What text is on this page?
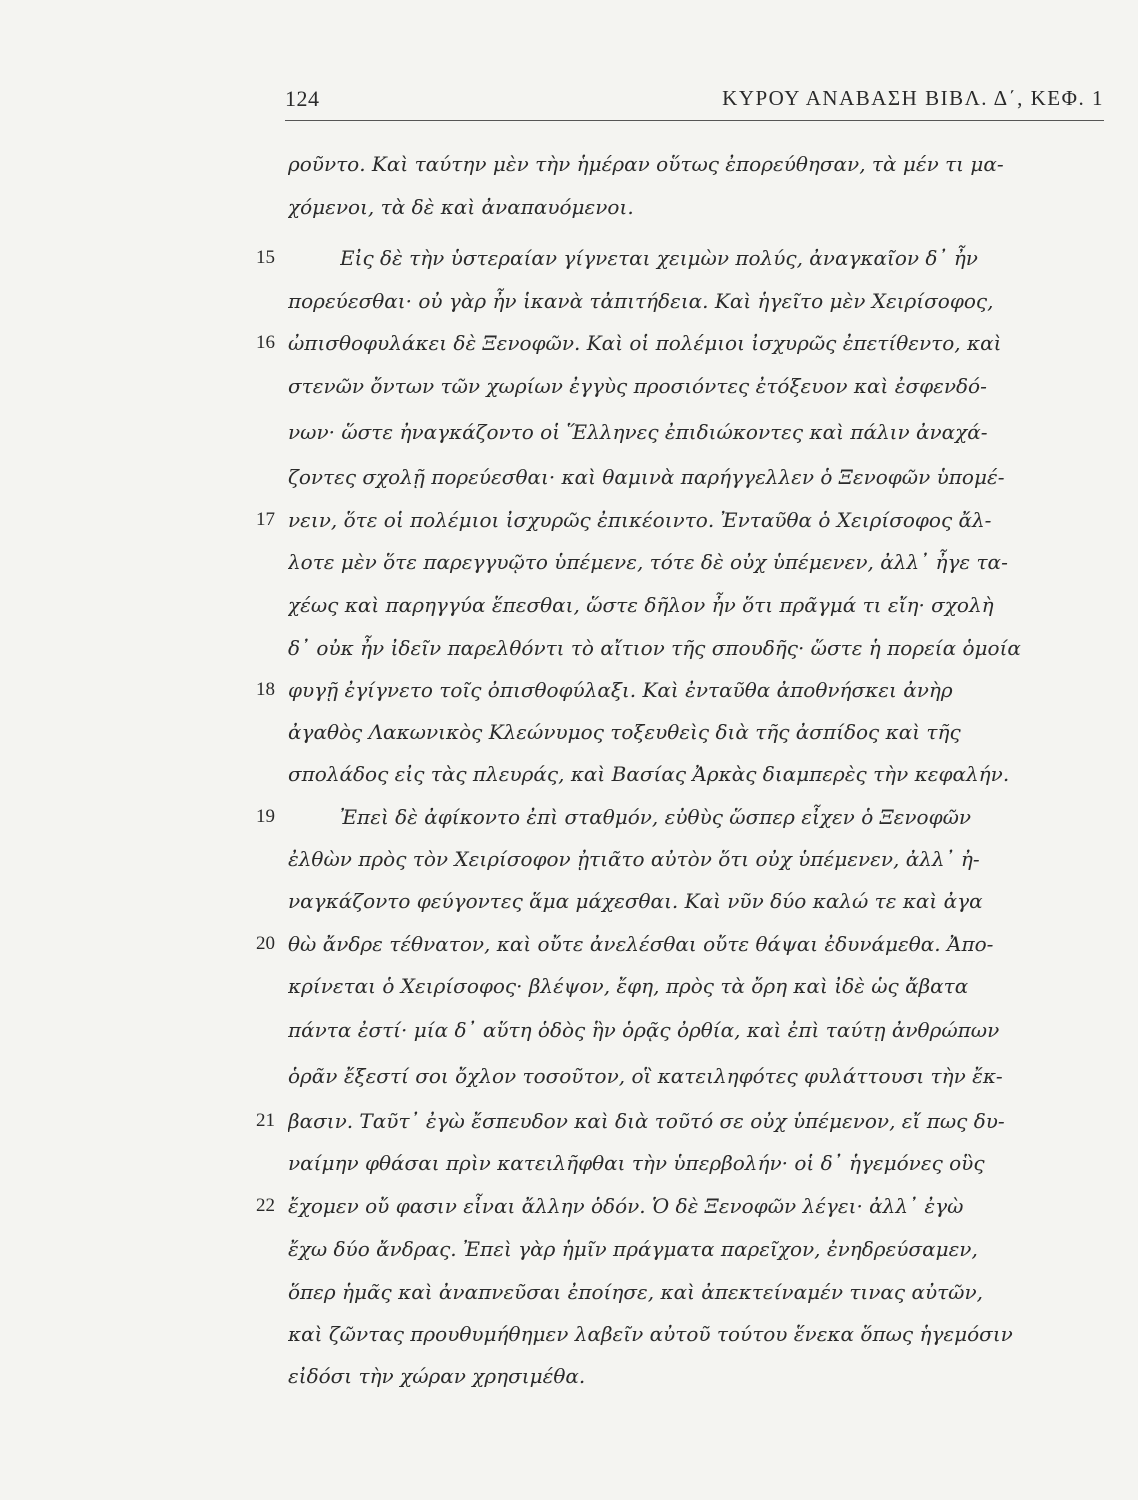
124	ΚΥΡΟΥ ΑΝΑΒΑΣΗ ΒΙΒΛ. Δ΄, ΚΕΦ. 1
15
16
17
18
19
20
21
22
ροῦντο. Καὶ ταύτην μὲν τὴν ἡμέραν οὕτως ἐπορεύθησαν, τὰ μέν τι μα-
χόμενοι, τὰ δὲ καὶ ἀναπαυόμενοι.
Εἰς δὲ τὴν ὑστεραίαν γίγνεται χειμὼν πολύς, ἀναγκαῖον δ᾽ ἦν
πορεύεσθαι· οὐ γὰρ ἦν ἱκανὰ τἀπιτήδεια. Καὶ ἡγεῖτο μὲν Χειρίσοφος,
ὠπισθοφυλάκει δὲ Ξενοφῶν. Καὶ οἱ πολέμιοι ἰσχυρῶς ἐπετίθεντο, καὶ
στενῶν ὄντων τῶν χωρίων ἐγγὺς προσιόντες ἐτόξευον καὶ ἐσφενδό-
νων· ὥστε ἠναγκάζοντο οἱ Ἕλληνες ἐπιδιώκοντες καὶ πάλιν ἀναχά-
ζοντες σχολῇ πορεύεσθαι· καὶ θαμινὰ παρήγγελλεν ὁ Ξενοφῶν ὑπομέ-
νειν, ὅτε οἱ πολέμιοι ἰσχυρῶς ἐπικέοιντο. Ἐνταῦθα ὁ Χειρίσοφος ἄλ-
λοτε μὲν ὅτε παρεγγυῷτο ὑπέμενε, τότε δὲ οὐχ ὑπέμενεν, ἀλλ᾽ ἦγε τα-
χέως καὶ παρηγγύα ἕπεσθαι, ὥστε δῆλον ἦν ὅτι πρᾶγμά τι εἴη· σχολὴ
δ᾽ οὐκ ἦν ἰδεῖν παρελθόντι τὸ αἴτιον τῆς σπουδῆς· ὥστε ἡ πορεία ὁμοία
φυγῇ ἐγίγνετο τοῖς ὀπισθοφύλαξι. Καὶ ἐνταῦθα ἀποθνήσκει ἀνὴρ
ἀγαθὸς Λακωνικὸς Κλεώνυμος τοξευθεὶς διὰ τῆς ἀσπίδος καὶ τῆς
σπολάδος εἰς τὰς πλευράς, καὶ Βασίας Ἀρκὰς διαμπερὲς τὴν κεφαλήν.
Ἐπεὶ δὲ ἀφίκοντο ἐπὶ σταθμόν, εὐθὺς ὥσπερ εἶχεν ὁ Ξενοφῶν
ἐλθὼν πρὸς τὸν Χειρίσοφον ᾐτιᾶτο αὐτὸν ὅτι οὐχ ὑπέμενεν, ἀλλ᾽ ἠ-
ναγκάζοντο φεύγοντες ἅμα μάχεσθαι. Καὶ νῦν δύο καλώ τε καὶ ἀγα
θὼ ἄνδρε τέθνατον, καὶ οὔτε ἀνελέσθαι οὔτε θάψαι ἐδυνάμεθα. Ἀπο-
κρίνεται ὁ Χειρίσοφος· βλέψον, ἔφη, πρὸς τὰ ὄρη καὶ ἰδὲ ὡς ἄβατα
πάντα ἐστί· μία δ᾽ αὕτη ὁδὸς ἣν ὁρᾷς ὀρθία, καὶ ἐπὶ ταύτῃ ἀνθρώπων
ὁρᾶν ἔξεστί σοι ὄχλον τοσοῦτον, οἳ κατειληφότες φυλάττουσι τὴν ἔκ-
βασιν. Ταῦτ᾽ ἐγὼ ἔσπευδον καὶ διὰ τοῦτό σε οὐχ ὑπέμενον, εἴ πως δυ-
ναίμην φθάσαι πρὶν κατειλῆφθαι τὴν ὑπερβολήν· οἱ δ᾽ ἡγεμόνες οὓς
ἔχομεν οὔ φασιν εἶναι ἄλλην ὁδόν. Ὁ δὲ Ξενοφῶν λέγει· ἀλλ᾽ ἐγὼ
ἔχω δύο ἄνδρας. Ἐπεὶ γὰρ ἡμῖν πράγματα παρεῖχον, ἐνηδρεύσαμεν,
ὅπερ ἡμᾶς καὶ ἀναπνεῦσαι ἐποίησε, καὶ ἀπεκτείναμέν τινας αὐτῶν,
καὶ ζῶντας προυθυμήθημεν λαβεῖν αὐτοῦ τούτου ἕνεκα ὅπως ἡγεμόσιν
εἰδόσι τὴν χώραν χρησιμέθα.
